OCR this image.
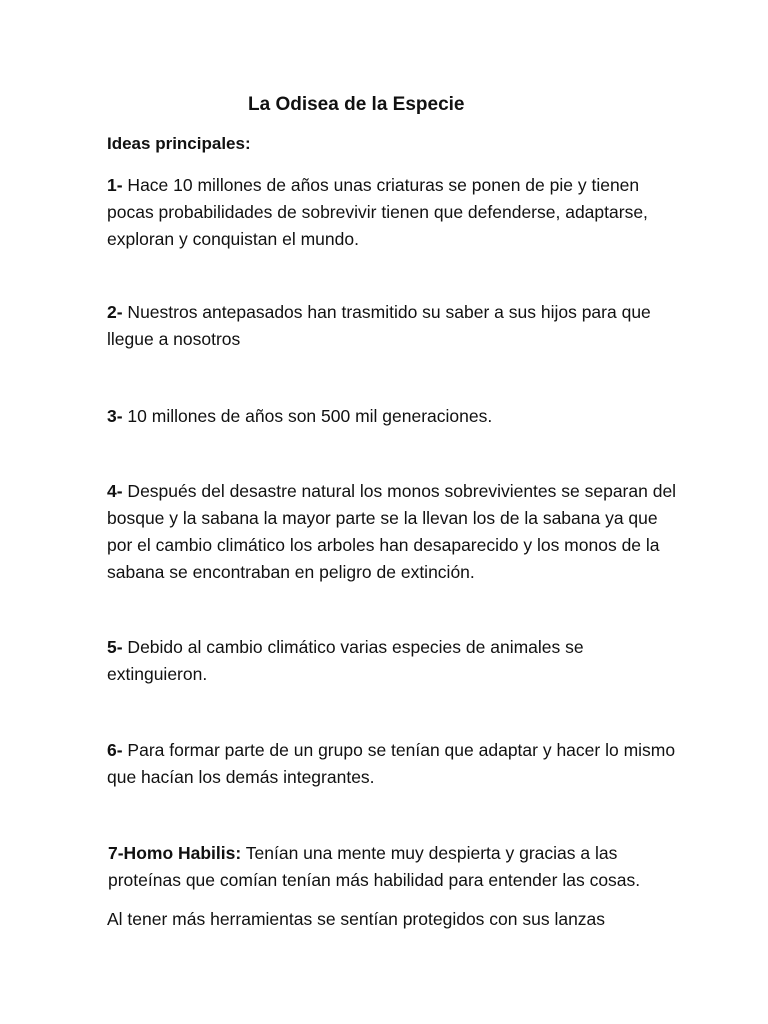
La Odisea de la Especie
Ideas principales:

1- Hace 10 millones de años unas criaturas se ponen de pie y tienen pocas probabilidades de sobrevivir tienen que defenderse, adaptarse, exploran y conquistan el mundo.

2- Nuestros antepasados han trasmitido su saber a sus hijos para que llegue a nosotros

3- 10 millones de años son 500 mil generaciones.

4- Después del desastre natural los monos sobrevivientes se separan del bosque y la sabana la mayor parte se la llevan los de la sabana ya que por el cambio climático los arboles han desaparecido y los monos de la sabana se encontraban en peligro de extinción.

5- Debido al cambio climático varias especies de animales se extinguieron.

6- Para formar parte de un grupo se tenían que adaptar y hacer lo mismo que hacían los demás integrantes.

7-Homo Habilis: Tenían una mente muy despierta y gracias a las proteínas que comían tenían más habilidad para entender las cosas.

Al tener más herramientas se sentían protegidos con sus lanzas
